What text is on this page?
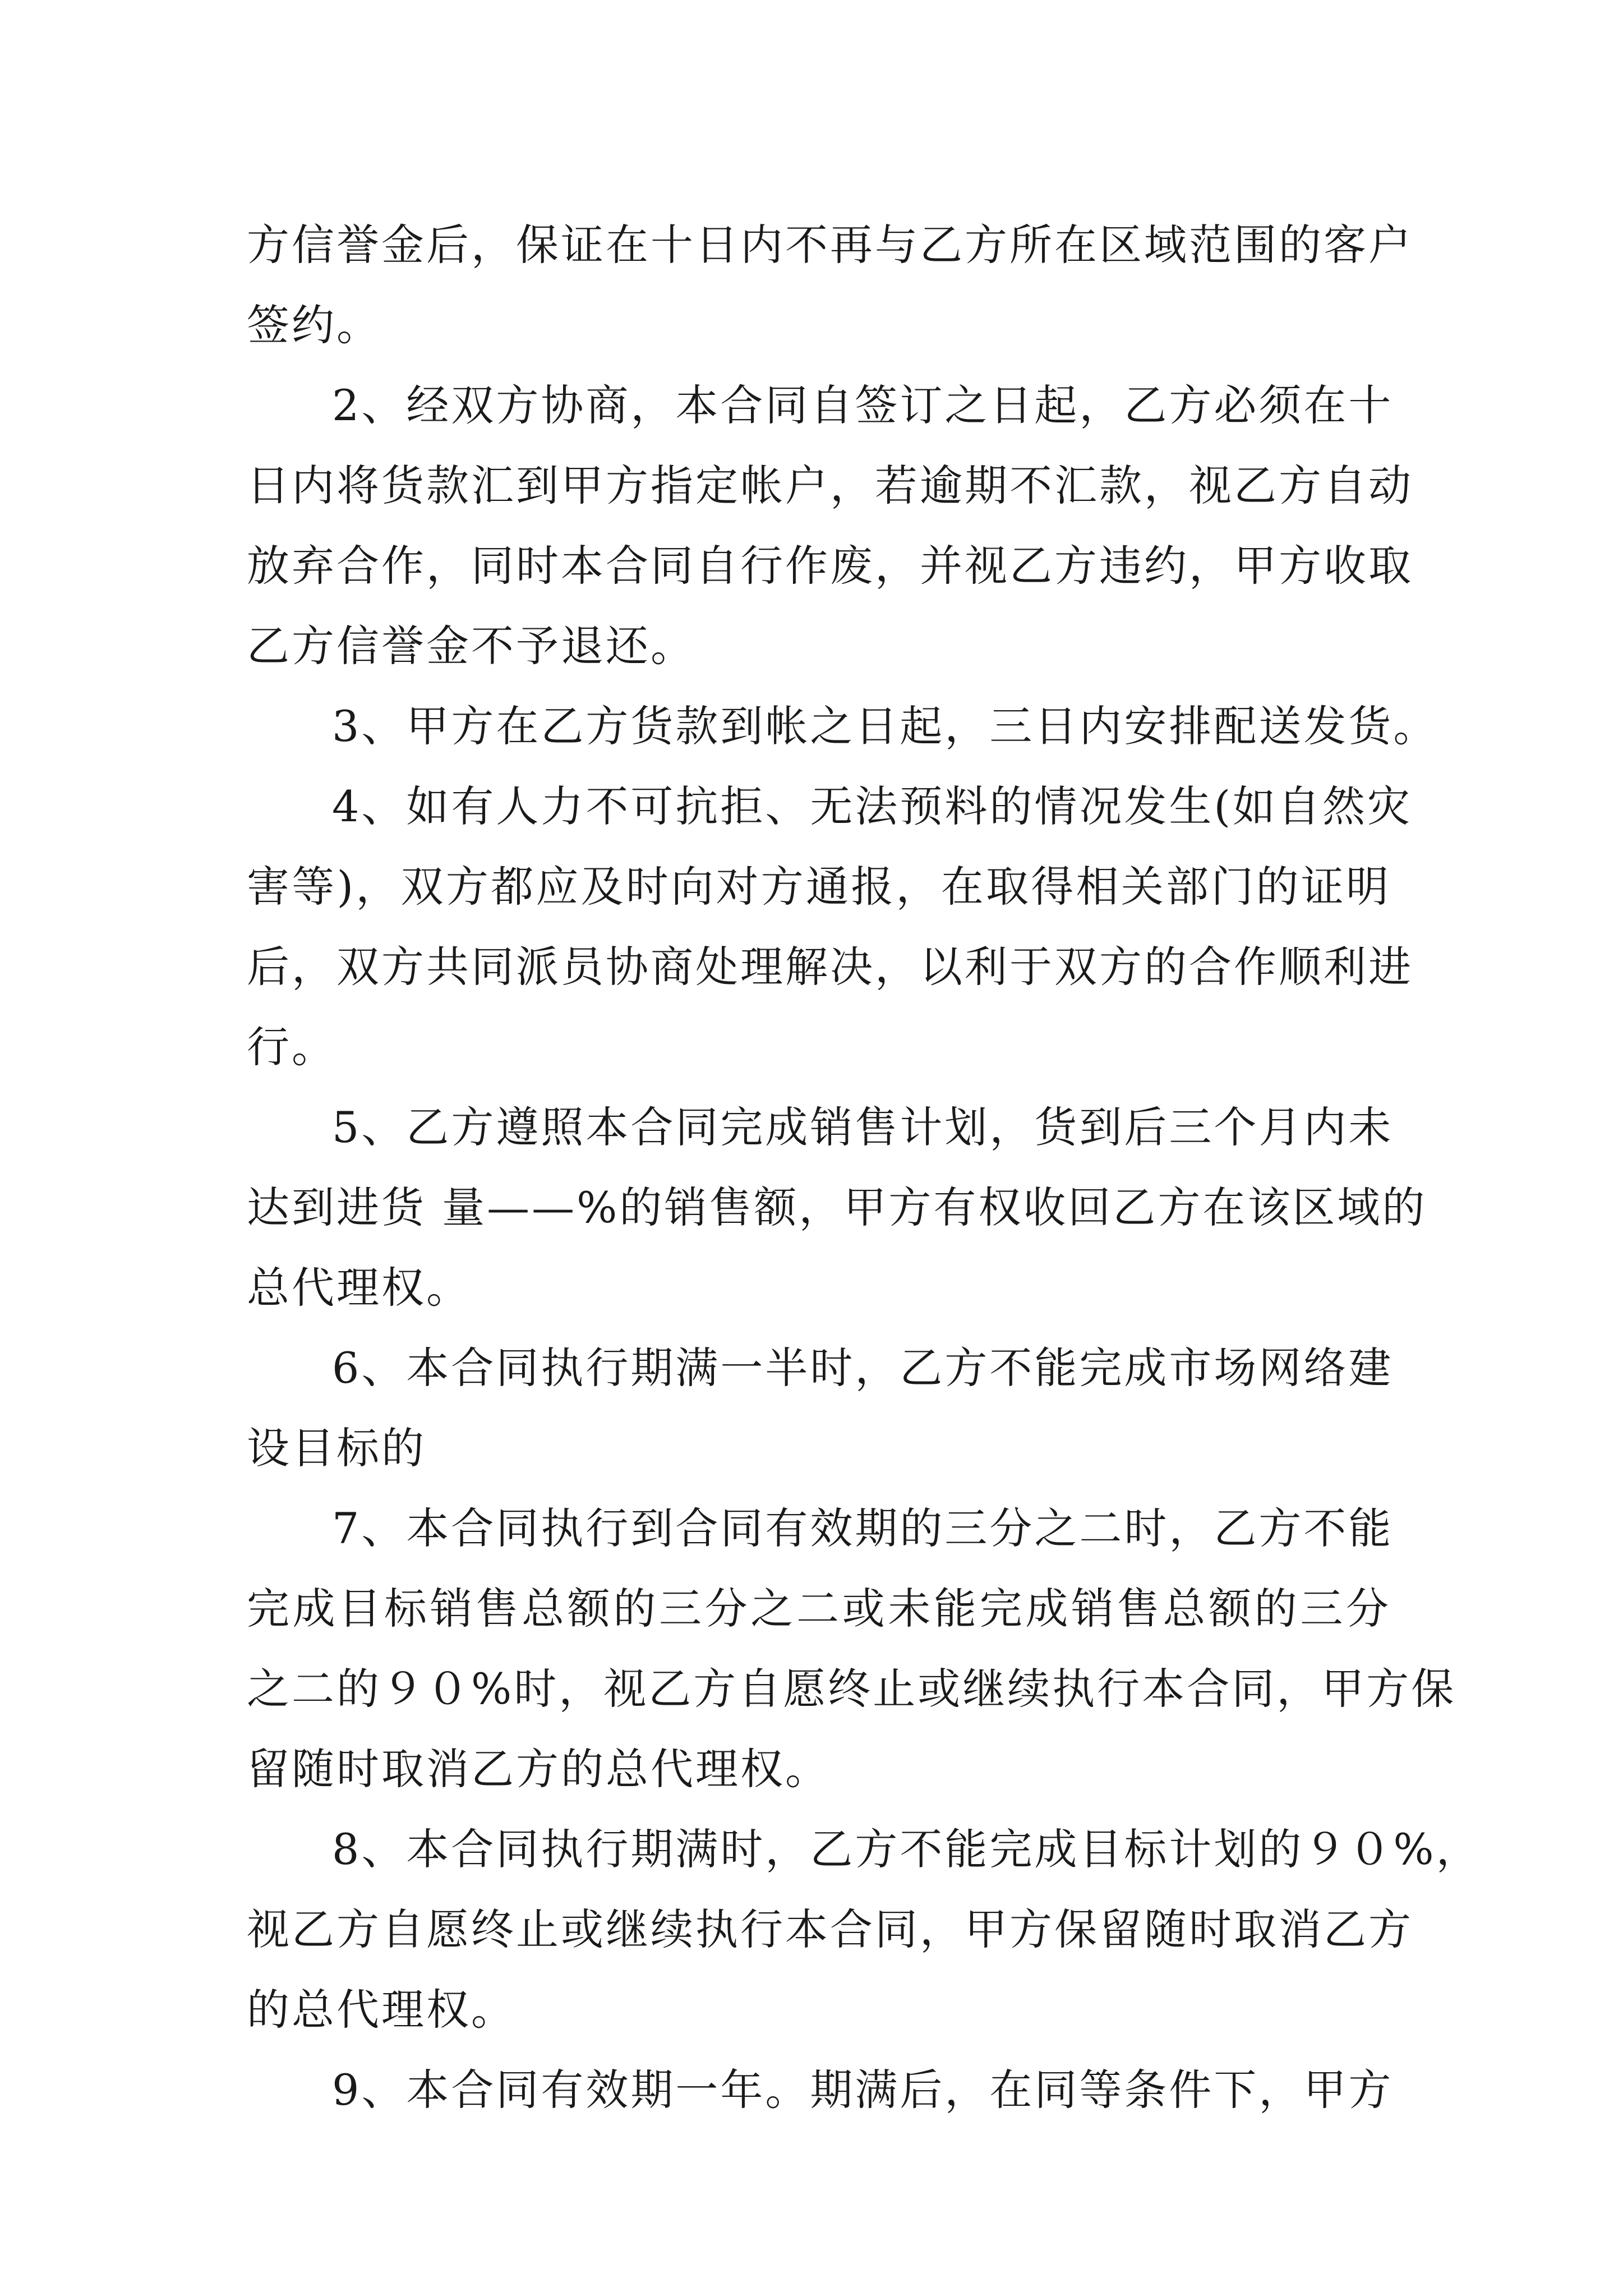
方信誉金后，保证在十日内不再与乙方所在区域范围的客户
签约。

2、经双方协商，本合同自签订之日起，乙方必须在十
日内将货款汇到甲方指定帐户，若逾期不汇款，视乙方自动
放弃合作，同时本合同自行作废，并视乙方违约，甲方收取
乙方信誉金不予退还。

3、甲方在乙方货款到帐之日起，三日内安排配送发货。

4、如有人力不可抗拒、无法预料的情况发生(如自然灾
害等)，双方都应及时向对方通报，在取得相关部门的证明
后，双方共同派员协商处理解决，以利于双方的合作顺利进
行。

5、乙方遵照本合同完成销售计划，货到后三个月内未
达到进货 量——%的销售额，甲方有权收回乙方在该区域的
总代理权。

6、本合同执行期满一半时，乙方不能完成市场网络建
设目标的

7、本合同执行到合同有效期的三分之二时，乙方不能
完成目标销售总额的三分之二或未能完成销售总额的三分
之二的９０%时，视乙方自愿终止或继续执行本合同，甲方保
留随时取消乙方的总代理权。

8、本合同执行期满时，乙方不能完成目标计划的９０%，
视乙方自愿终止或继续执行本合同，甲方保留随时取消乙方
的总代理权。

9、本合同有效期一年。期满后，在同等条件下，甲方
